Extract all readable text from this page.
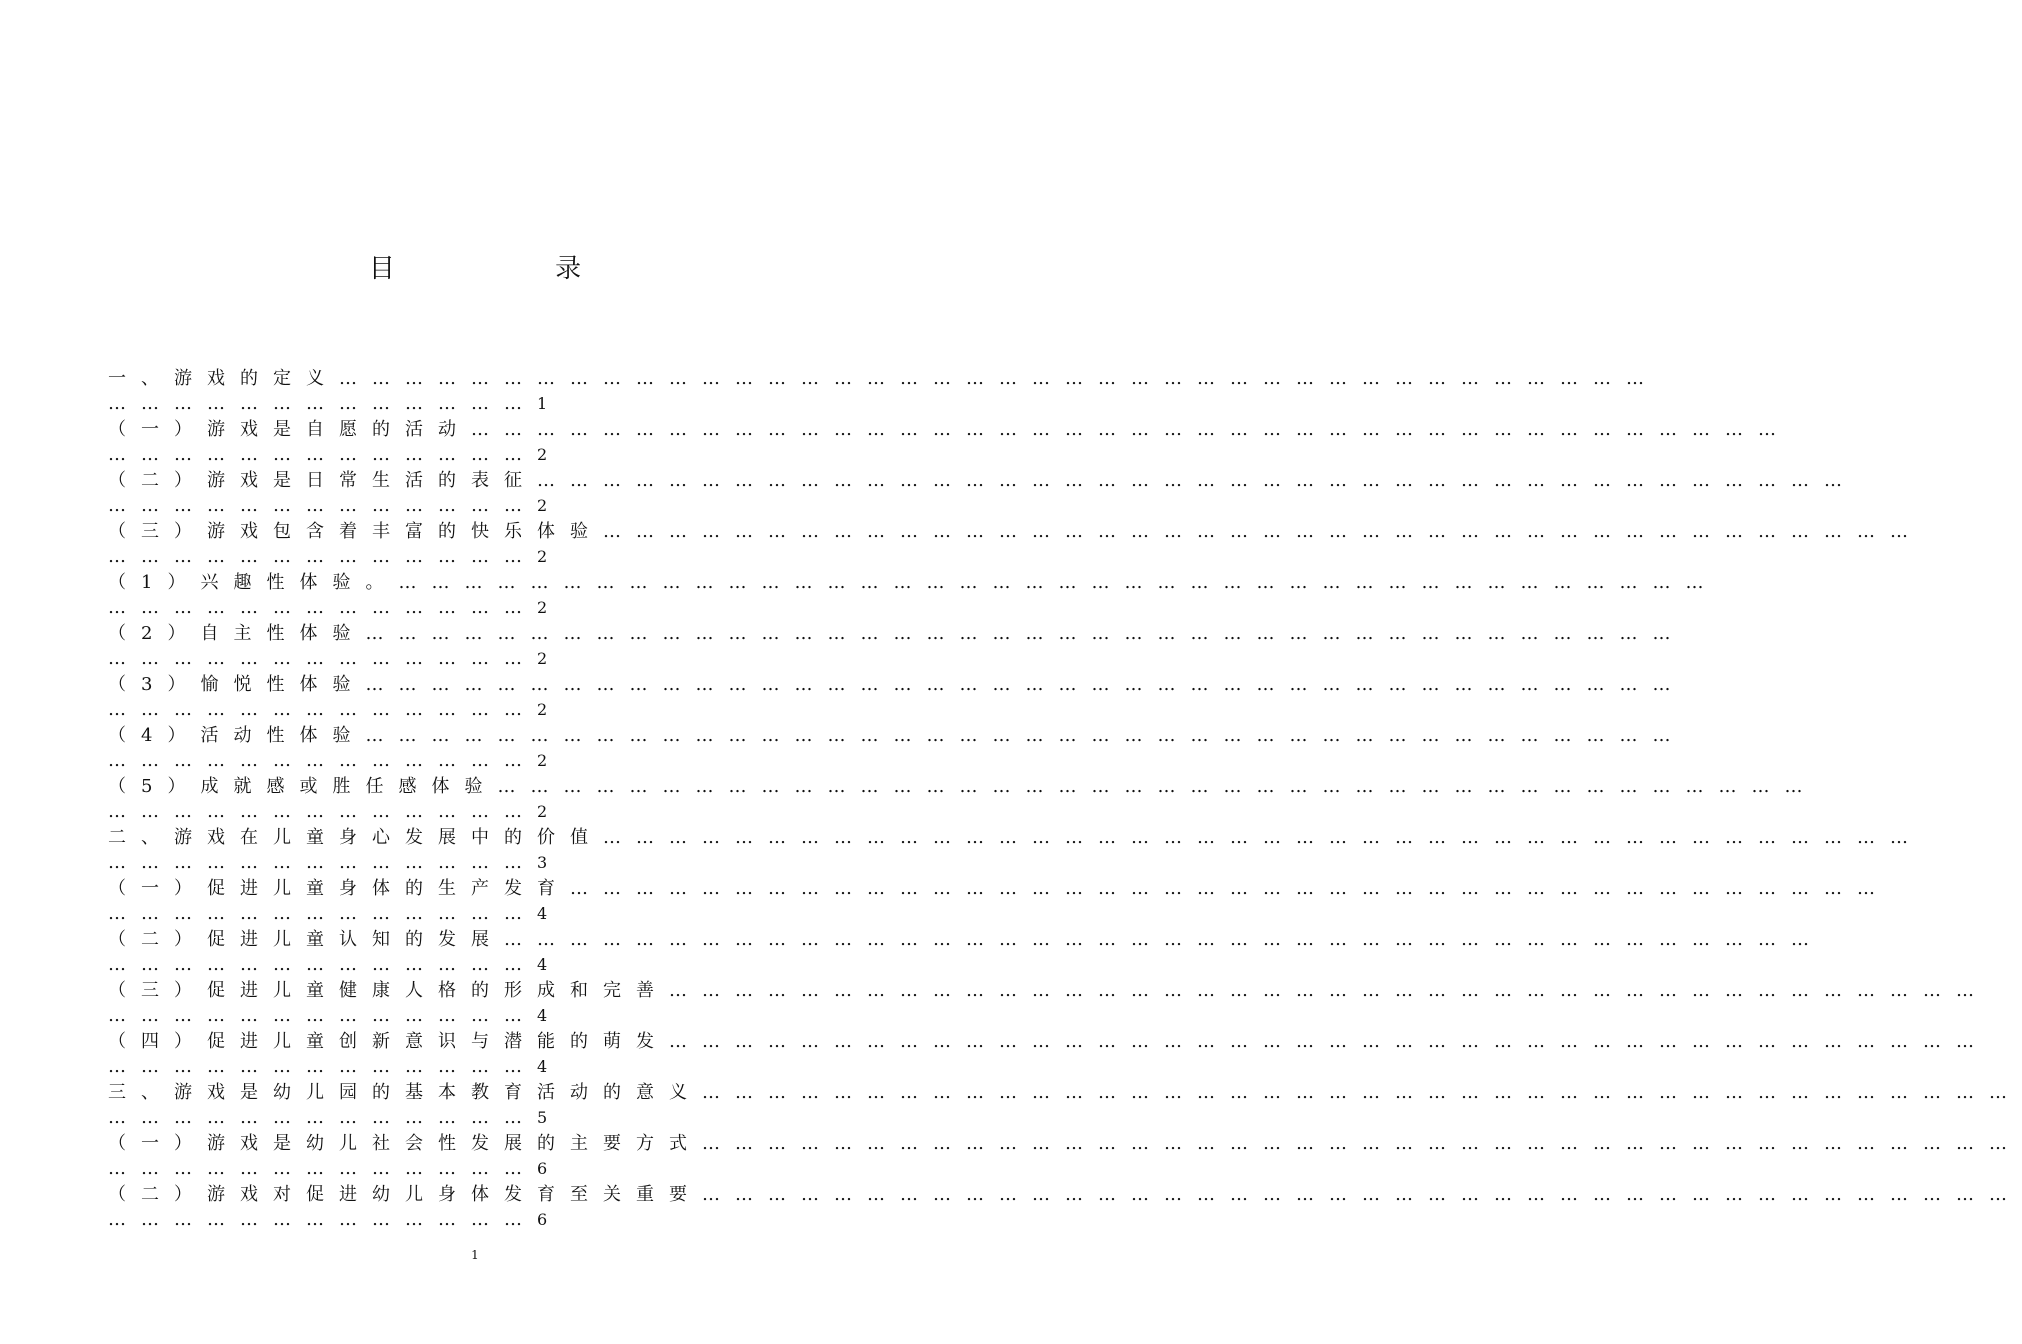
目 录
一、游戏的定义…………………………………………………………………………………………………………
…………………………………1
（一）游戏是自愿的活动…………………………………………………………………………………………………………
…………………………………2
（二）游戏是日常生活的表征…………………………………………………………………………………………………………
…………………………………2
（三）游戏包含着丰富的快乐体验…………………………………………………………………………………………………………
…………………………………2
（1）兴趣性体验。…………………………………………………………………………………………………………
…………………………………2
（2）自主性体验…………………………………………………………………………………………………………
…………………………………2
（3）愉悦性体验…………………………………………………………………………………………………………
…………………………………2
（4）活动性体验…………………………………………………………………………………………………………
…………………………………2
（5）成就感或胜任感体验…………………………………………………………………………………………………………
…………………………………2
二、游戏在儿童身心发展中的价值…………………………………………………………………………………………………………
…………………………………3
（一）促进儿童身体的生产发育…………………………………………………………………………………………………………
…………………………………4
（二）促进儿童认知的发展…………………………………………………………………………………………………………
…………………………………4
（三）促进儿童健康人格的形成和完善…………………………………………………………………………………………………………
…………………………………4
（四）促进儿童创新意识与潜能的萌发…………………………………………………………………………………………………………
…………………………………4
三、游戏是幼儿园的基本教育活动的意义…………………………………………………………………………………………………………
…………………………………5
（一）游戏是幼儿社会性发展的主要方式…………………………………………………………………………………………………………
…………………………………6
（二）游戏对促进幼儿身体发育至关重要…………………………………………………………………………………………………………
…………………………………6
1
